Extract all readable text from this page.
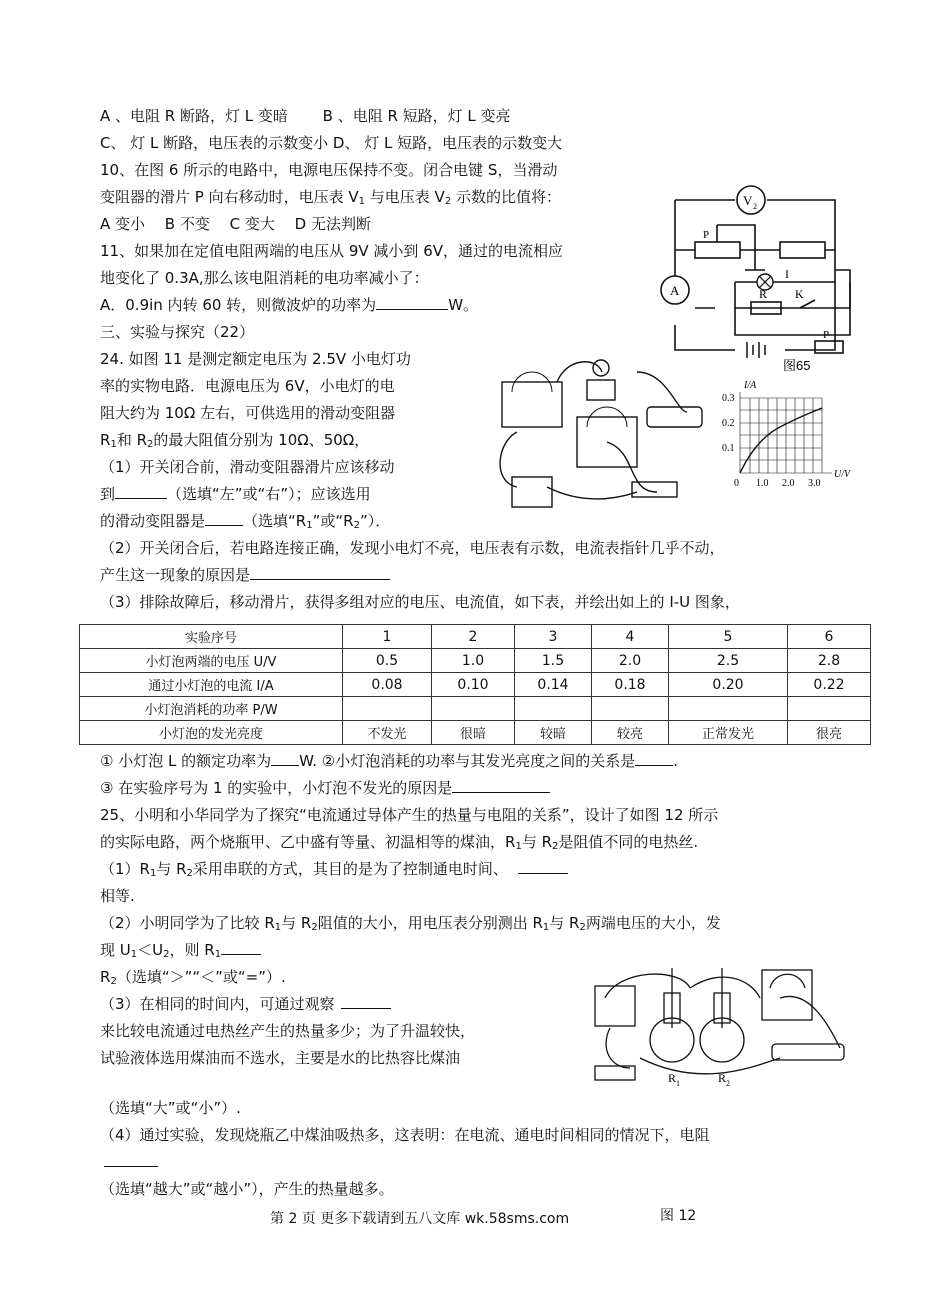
A 、电阻 R 断路，灯 L 变暗　　 B 、电阻 R 短路，灯 L 变亮
C、 灯 L 断路，电压表的示数变小 D、 灯 L 短路，电压表的示数变大
10、在图 6 所示的电路中，电源电压保持不变。闭合电键 S，当滑动
变阻器的滑片 P 向右移动时，电压表 $V_1$ 与电压表 $V_2$ 示数的比值将：
A 变小　 B 不变　 C 变大　 D 无法判断
11、如果加在定值电阻两端的电压从 9V 减小到 6V，通过的电流相应
地变化了 0.3A,那么该电阻消耗的电功率减小了：
A．0.9in 内转 60 转，则微波炉的功率为	W。
三、实验与探究（22）
24. 如图 11 是测定额定电压为 2.5V 小电灯功
率的实物电路．电源电压为 6V，小电灯的电
阻大约为 10Ω 左右，可供选用的滑动变阻器
$R_1$和 $R_2$的最大阻值分别为 10Ω、50Ω，
（1）开关闭合前，滑动变阻器滑片应该移动
到	（选填“左”或“右”）；应该选用
的滑动变阻器是	（选填“$R_1$”或“$R_2$”）．
（2）开关闭合后，若电路连接正确，发现小电灯不亮，电压表有示数，电流表指针几乎不动，
产生这一现象的原因是
（3）排除故障后，移动滑片，获得多组对应的电压、电流值，如下表，并绘出如上的 I-U 图象，
实验序号	1	2	3	4	5	6
小灯泡两端的电压 U/V	0.5	1.0	1.5	2.0	2.5	2.8
通过小灯泡的电流 I/A	0.08	0.10	0.14	0.18	0.20	0.22
小灯泡消耗的功率 P/W						
小灯泡的发光亮度	不发光	很暗	较暗	较亮	正常发光	很亮
① 小灯泡 L 的额定功率为 W. ②小灯泡消耗的功率与其发光亮度之间的关系是	.
③ 在实验序号为 1 的实验中，小灯泡不发光的原因是
25、小明和小华同学为了探究“电流通过导体产生的热量与电阻的关系”，设计了如图 12 所示
的实际电路，两个烧瓶甲、乙中盛有等量、初温相等的煤油，$R_1$与 $R_2$是阻值不同的电热丝.
$(1)R_1$与 $R_2$采用串联的方式，其目的是为了控制通电时间、
相等.
（2）小明同学为了比较 $R_1$与 $R_2$阻值的大小，用电压表分别测出 $R_1$与 $R_2$两端电压的大小，发
现 $U_1<U_2$，则 $R_1$
$R_2$（选填“＞”“＜”或“=”）.
（3）在相同的时间内，可通过观察
来比较电流通过电热丝产生的热量多少；为了升温较快，
试验液体选用煤油而不选水，主要是水的比热容比煤油
（选填“大”或“小”）.
（4）通过实验，发现烧瓶乙中煤油吸热多，这表明：在电流、通电时间相同的情况下，电阻
（选填“越大”或“越小”），产生的热量越多。
第 2 页 更多下载请到五八文库 wk.58sms.com	图 12
V 2
A
P
I
R K
P
图65
I/A
U/V
0.3
0.2
0.1
0 1.0 2.0 3.0
R 1	R 2
